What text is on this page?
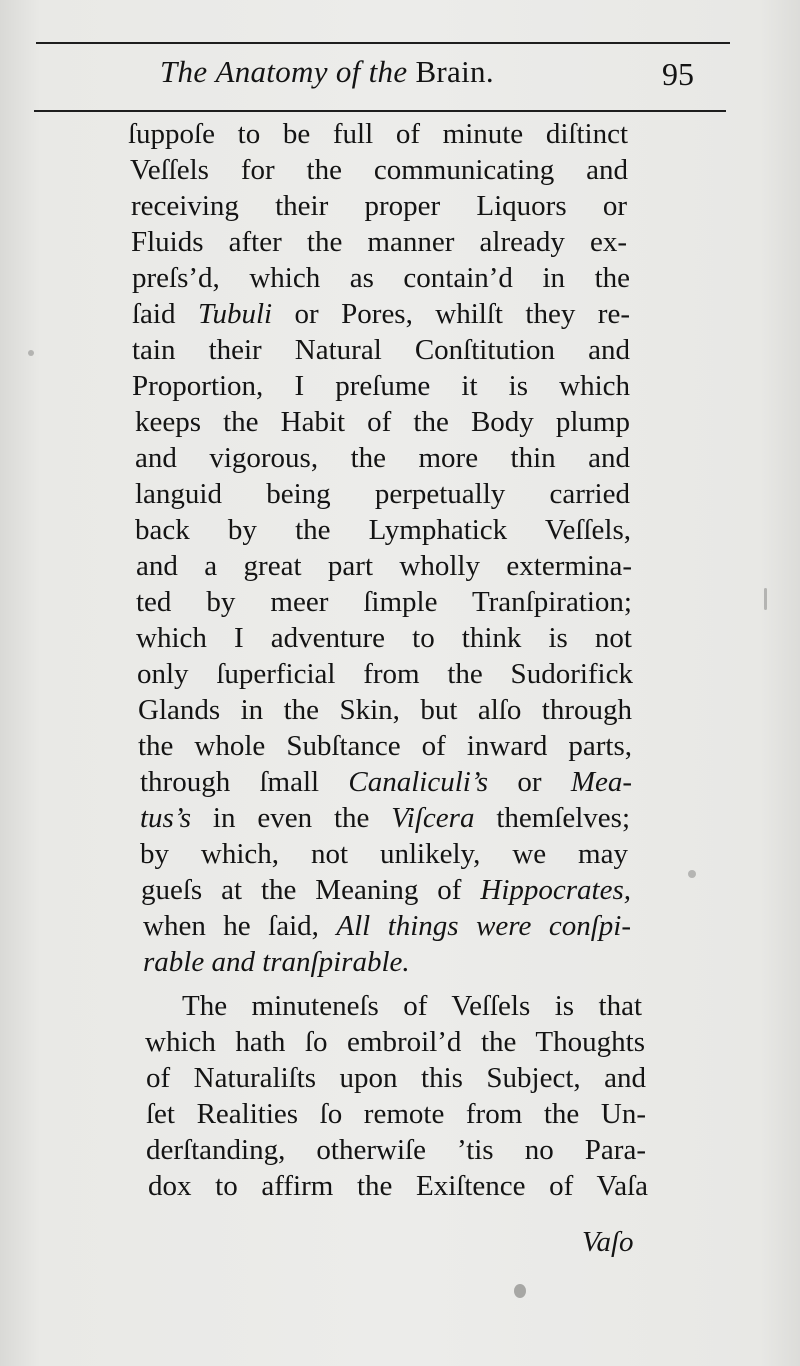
The Anatomy of the Brain.	95
ſuppoſe to be full of minute diſtinct
Veſſels for the communicating and
receiving their proper Liquors or
Fluids after the manner already ex-
preſs’d, which as contain’d in the
ſaid Tubuli or Pores, whilſt they re-
tain their Natural Conſtitution and
Proportion, I preſume it is which
keeps the Habit of the Body plump
and vigorous, the more thin and
languid being perpetually carried
back by the Lymphatick Veſſels,
and a great part wholly extermina-
ted by meer ſimple Tranſpiration;
which I adventure to think is not
only ſuperficial from the Sudorifick
Glands in the Skin, but alſo through
the whole Subſtance of inward parts,
through ſmall Canaliculi’s or Mea-
tus’s in even the Viſcera themſelves;
by which, not unlikely, we may
gueſs at the Meaning of Hippocrates,
when he ſaid, All things were conſpi-
rable and tranſpirable.
The minuteneſs of Veſſels is that
which hath ſo embroil’d the Thoughts
of Naturaliſts upon this Subject, and
ſet Realities ſo remote from the Un-
derſtanding, otherwiſe ’tis no Para-
dox to affirm the Exiſtence of Vaſa
Vaſo
